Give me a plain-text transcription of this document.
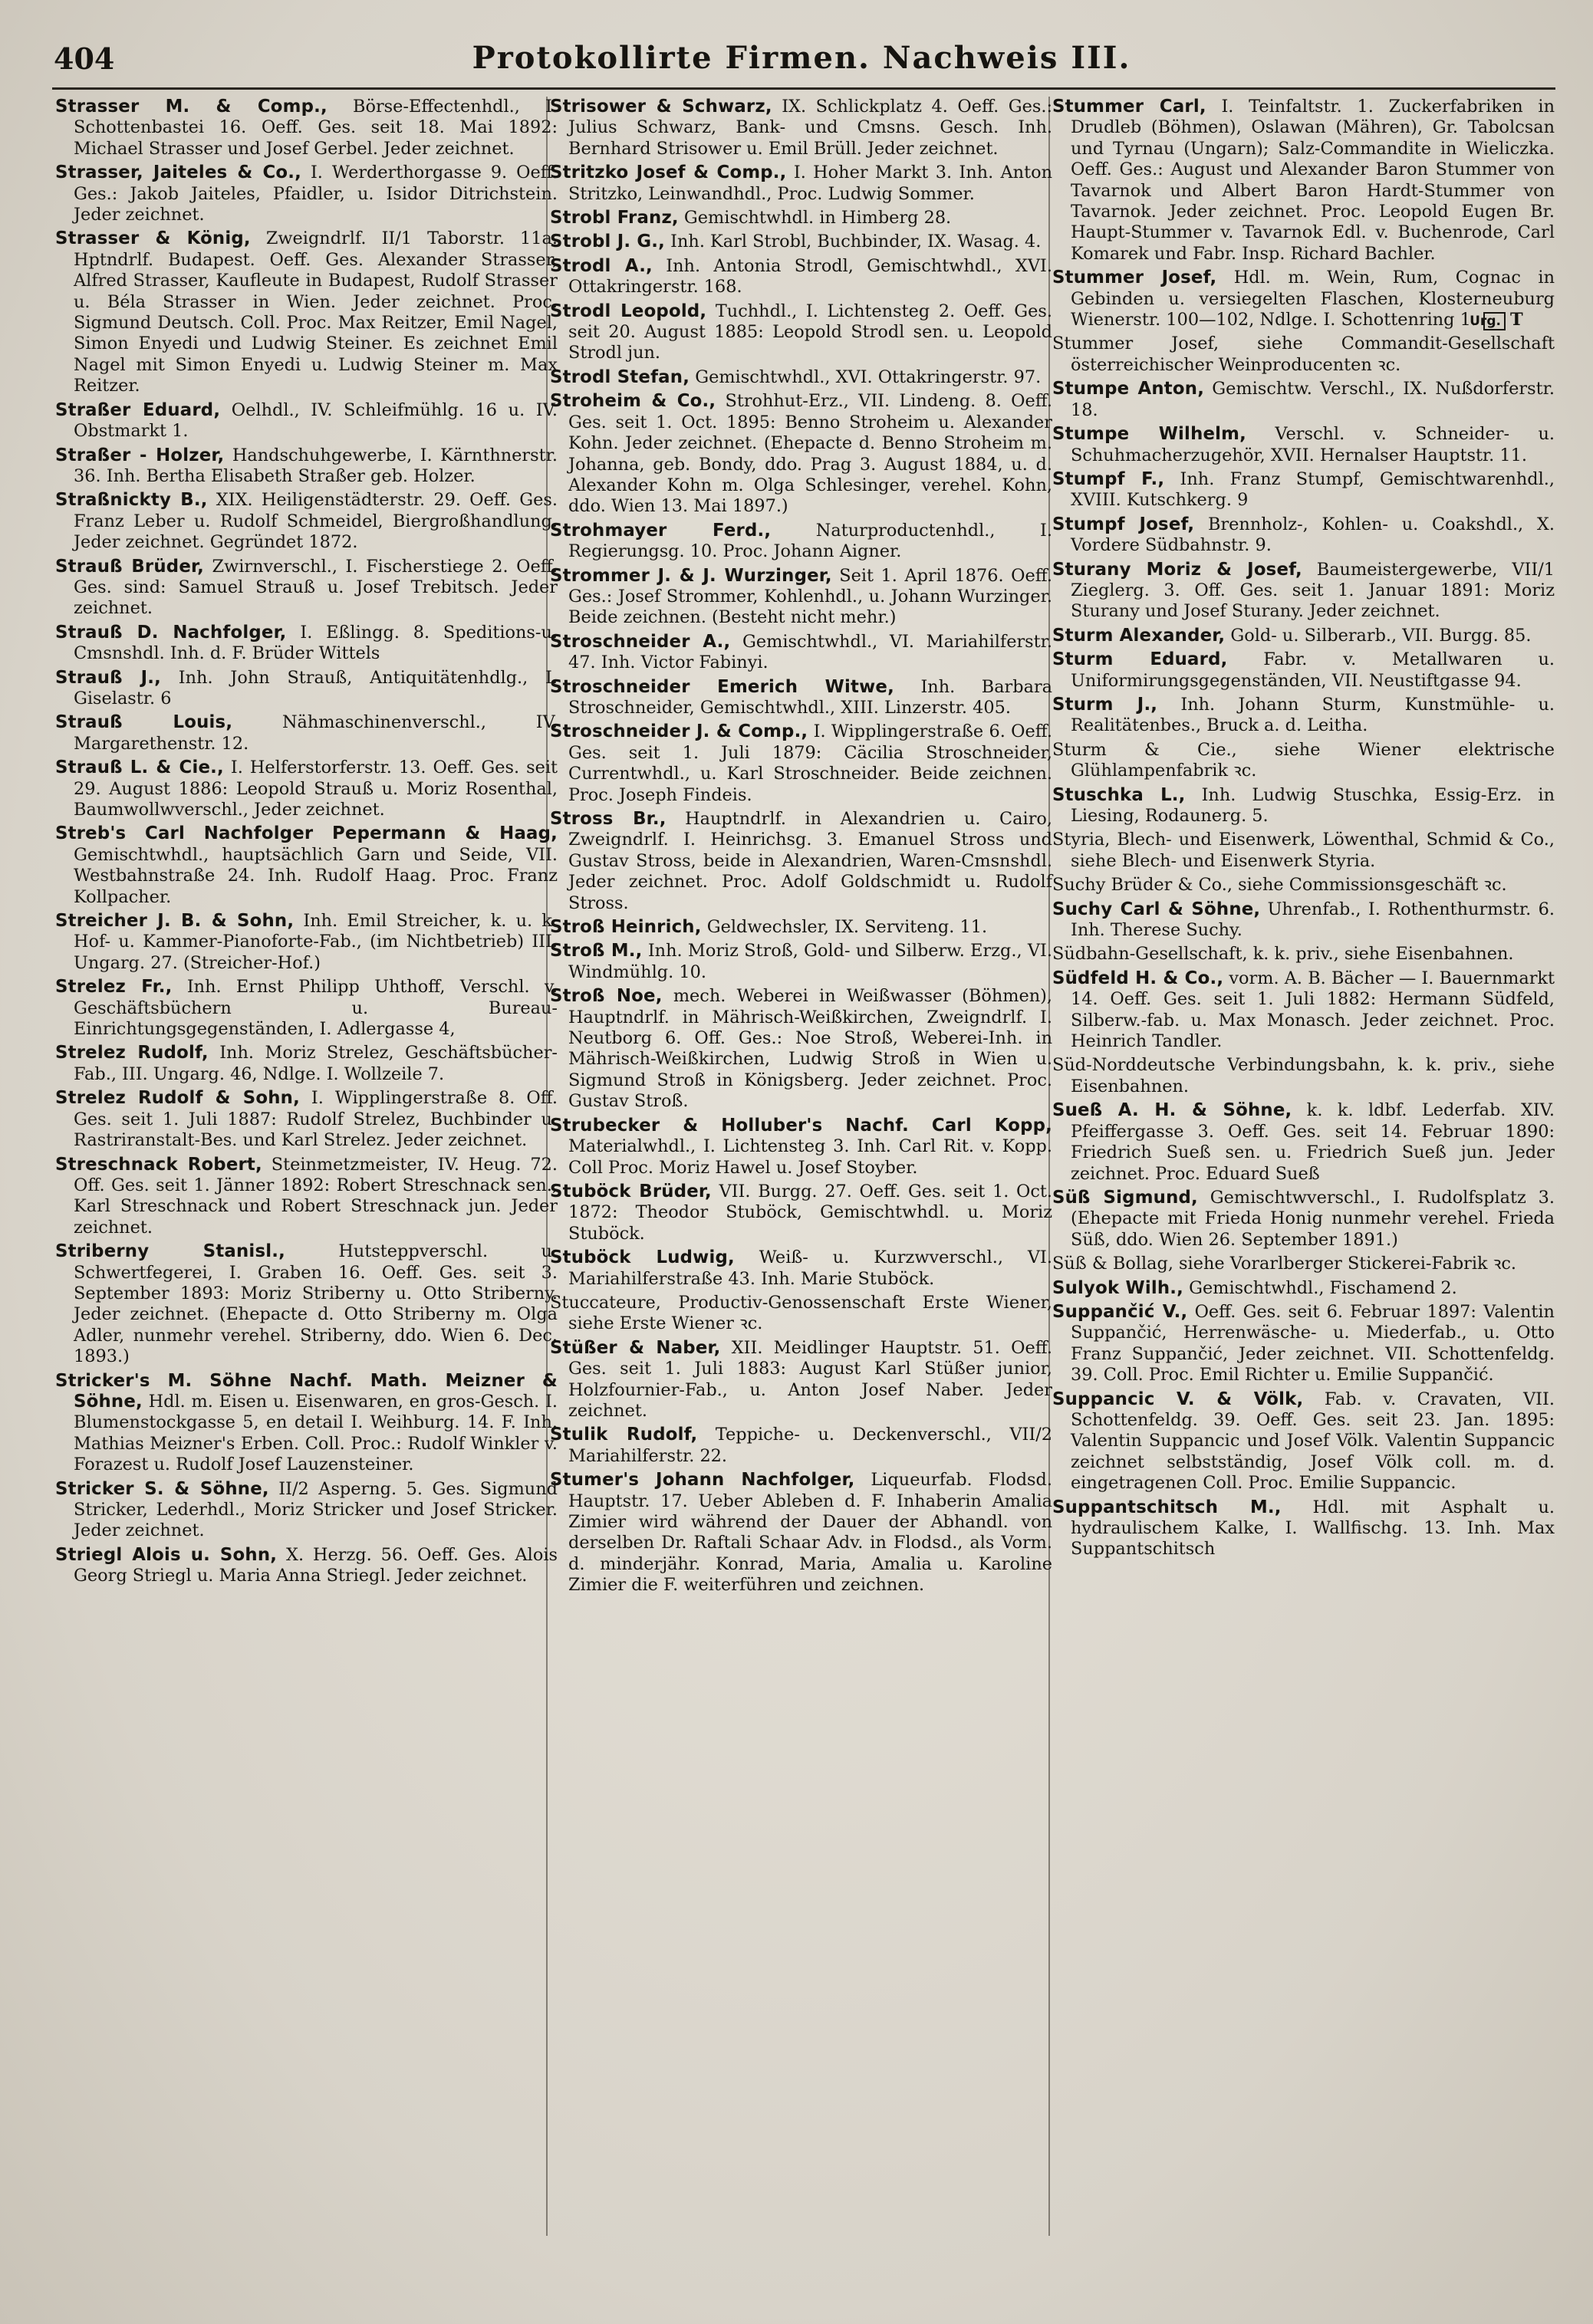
404	Protokollirte Firmen. Nachweis III.

Strasser M. & Comp., Börse-Effectenhdl., I. Schottenbastei 16. Oeff. Ges. seit 18. Mai 1892: Michael Strasser und Josef Gerbel. Jeder zeichnet.

Strasser, Jaiteles & Co., I. Werderthorgasse 9. Oeff. Ges.: Jakob Jaiteles, Pfaidler, u. Isidor Ditrichstein. Jeder zeichnet.

Strasser & König, Zweigndrlf. II/1 Taborstr. 11a. Hptndrlf. Budapest. Oeff. Ges. Alexander Strasser, Alfred Strasser, Kaufleute in Budapest, Rudolf Strasser u. Béla Strasser in Wien. Jeder zeichnet. Proc. Sigmund Deutsch. Coll. Proc. Max Reitzer, Emil Nagel, Simon Enyedi und Ludwig Steiner. Es zeichnet Emil Nagel mit Simon Enyedi u. Ludwig Steiner m. Max Reitzer.

Straßer Eduard, Oelhdl., IV. Schleifmühlg. 16 u. IV. Obstmarkt 1.

Straßer - Holzer, Handschuhgewerbe, I. Kärnthnerstr. 36. Inh. Bertha Elisabeth Straßer geb. Holzer.

Straßnickty B., XIX. Heiligenstädterstr. 29. Oeff. Ges. Franz Leber u. Rudolf Schmeidel, Biergroßhandlung. Jeder zeichnet. Gegründet 1872.

Strauß Brüder, Zwirnverschl., I. Fischerstiege 2. Oeff. Ges. sind: Samuel Strauß u. Josef Trebitsch. Jeder zeichnet.

Strauß D. Nachfolger, I. Eßlingg. 8. Speditions-u. Cmsnshdl. Inh. d. F. Brüder Wittels

Strauß J., Inh. John Strauß, Antiquitätenhdlg., I. Giselastr. 6

Strauß Louis,	Nähmaschinenverschl., IV. Margarethenstr. 12.

Strauß L. & Cie., I. Helferstorferstr. 13. Oeff. Ges. seit 29. August 1886: Leopold Strauß u. Moriz Rosenthal, Baumwollwverschl., Jeder zeichnet.

Streb's Carl Nachfolger Pepermann & Haag, Gemischtwhdl., hauptsächlich Garn und Seide, VII. Westbahnstraße 24. Inh. Rudolf Haag. Proc. Franz Kollpacher.

Streicher J. B. & Sohn, Inh. Emil Streicher, k. u. k. Hof- u. Kammer-Pianoforte-Fab., (im Nichtbetrieb) III. Ungarg. 27. (Streicher-Hof.)

Strelez Fr., Inh. Ernst Philipp Uhthoff, Verschl. v. Geschäftsbüchern u. Bureau-Einrichtungsgegenständen, I. Adlergasse 4,

Strelez Rudolf, Inh. Moriz Strelez, Geschäftsbücher-Fab., III. Ungarg. 46, Ndlge. I. Wollzeile 7.

Strelez Rudolf & Sohn, I. Wipplingerstraße 8. Off. Ges. seit 1. Juli 1887: Rudolf Strelez, Buchbinder u. Rastriranstalt-Bes. und Karl Strelez. Jeder zeichnet.

Streschnack Robert, Steinmetzmeister, IV. Heug. 72. Off. Ges. seit 1. Jänner 1892: Robert Streschnack sen., Karl Streschnack und Robert Streschnack jun. Jeder zeichnet.

Striberny Stanisl.,	Hutsteppverschl. u. Schwertfegerei, I. Graben 16. Oeff. Ges. seit 3. September 1893: Moriz Striberny u. Otto Striberny. Jeder zeichnet. (Ehepacte d. Otto Striberny m. Olga Adler, nunmehr verehel. Striberny, ddo. Wien 6. Dec. 1893.)

Stricker's M. Söhne Nachf. Math. Meizner & Söhne, Hdl. m. Eisen u. Eisenwaren, en gros-Gesch. I. Blumenstockgasse 5, en detail I. Weihburg. 14. F. Inh. Mathias Meizner's Erben. Coll. Proc.: Rudolf Winkler v. Forazest u. Rudolf Josef Lauzensteiner.

Stricker S. & Söhne, II/2 Asperng. 5. Ges. Sigmund Stricker, Lederhdl., Moriz Stricker und Josef Stricker. Jeder zeichnet.

Striegl Alois u. Sohn, X. Herzg. 56. Oeff. Ges. Alois Georg Striegl u. Maria Anna Striegl. Jeder zeichnet.

Strisower & Schwarz, IX. Schlickplatz 4. Oeff. Ges.: Julius Schwarz, Bank- und Cmsns. Gesch. Inh. Bernhard Strisower u. Emil Brüll. Jeder zeichnet.

Stritzko Josef & Comp., I. Hoher Markt 3. Inh. Anton Stritzko, Leinwandhdl., Proc. Ludwig Sommer.

Strobl Franz, Gemischtwhdl. in Himberg 28.

Strobl J. G., Inh. Karl Strobl, Buchbinder, IX. Wasag. 4.

Strodl A., Inh. Antonia Strodl, Gemischtwhdl., XVI. Ottakringerstr. 168.

Strodl Leopold, Tuchhdl., I. Lichtensteg 2. Oeff. Ges. seit 20. August 1885: Leopold Strodl sen. u. Leopold Strodl jun.

Strodl Stefan, Gemischtwhdl., XVI. Ottakringerstr. 97.

Stroheim & Co., Strohhut-Erz., VII. Lindeng. 8. Oeff. Ges. seit 1. Oct. 1895: Benno Stroheim u. Alexander Kohn. Jeder zeichnet. (Ehepacte d. Benno Stroheim m. Johanna, geb. Bondy, ddo. Prag 3. August 1884, u. d. Alexander Kohn m. Olga Schlesinger, verehel. Kohn, ddo. Wien 13. Mai 1897.)

Strohmayer Ferd.,	Naturproductenhdl., I. Regierungsg. 10. Proc. Johann Aigner.

Strommer J. & J. Wurzinger, Seit 1. April 1876. Oeff. Ges.: Josef Strommer, Kohlenhdl., u. Johann Wurzinger. Beide zeichnen. (Besteht nicht mehr.)

Stroschneider A., Gemischtwhdl., VI. Mariahilferstr. 47. Inh. Victor Fabinyi.

Stroschneider Emerich Witwe, Inh. Barbara Stroschneider, Gemischtwhdl., XIII. Linzerstr. 405.

Stroschneider J. & Comp., I. Wipplingerstraße 6. Oeff. Ges. seit 1. Juli 1879: Cäcilia Stroschneider, Currentwhdl., u. Karl Stroschneider. Beide zeichnen. Proc. Joseph Findeis.

Stross Br., Hauptndrlf. in Alexandrien u. Cairo, Zweigndrlf. I. Heinrichsg. 3. Emanuel Stross und Gustav Stross, beide in Alexandrien, Waren-Cmsnshdl. Jeder zeichnet. Proc. Adolf Goldschmidt u. Rudolf Stross.

Stroß Heinrich, Geldwechsler, IX. Serviteng. 11.

Stroß M., Inh. Moriz Stroß, Gold- und Silberw. Erzg., VI. Windmühlg. 10.

Stroß Noe, mech. Weberei in Weißwasser (Böhmen), Hauptndrlf. in Mährisch-Weißkirchen, Zweigndrlf. I. Neutborg 6. Off. Ges.: Noe Stroß, Weberei-Inh. in Mährisch-Weißkirchen, Ludwig Stroß in Wien u. Sigmund Stroß in Königsberg. Jeder zeichnet. Proc. Gustav Stroß.

Strubecker & Holluber's Nachf. Carl Kopp, Materialwhdl., I. Lichtensteg 3. Inh. Carl Rit. v. Kopp. Coll Proc. Moriz Hawel u. Josef Stoyber.

Stuböck Brüder, VII. Burgg. 27. Oeff. Ges. seit 1. Oct. 1872: Theodor Stuböck, Gemischtwhdl. u. Moriz Stuböck.

Stuböck Ludwig, Weiß- u. Kurzwverschl., VI. Mariahilferstraße 43. Inh. Marie Stuböck.

Stuccateure, Productiv-Genossenschaft Erste Wiener, siehe Erste Wiener ꝛc.

Stüßer & Naber, XII. Meidlinger Hauptstr. 51. Oeff. Ges. seit 1. Juli 1883: August Karl Stüßer junior, Holzfournier-Fab., u. Anton Josef Naber. Jeder zeichnet.

Stulik Rudolf, Teppiche- u. Deckenverschl., VII/2 Mariahilferstr. 22.

Stumer's Johann Nachfolger, Liqueurfab. Flodsd. Hauptstr. 17. Ueber Ableben d. F. Inhaberin Amalia Zimier wird während der Dauer der Abhandl. von derselben Dr. Raftali Schaar Adv. in Flodsd., als Vorm. d. minderjähr. Konrad, Maria, Amalia u. Karoline Zimier die F. weiterführen und zeichnen.

Stummer Carl, I. Teinfaltstr. 1. Zuckerfabriken in Drudleb (Böhmen), Oslawan (Mähren), Gr. Tabolcsan und Tyrnau (Ungarn); Salz-Commandite in Wieliczka. Oeff. Ges.: August und Alexander Baron Stummer von Tavarnok und Albert Baron Hardt-Stummer von Tavarnok. Jeder zeichnet. Proc. Leopold Eugen Br. Haupt-Stummer v. Tavarnok Edl. v. Buchenrode, Carl Komarek und Fabr. Insp. Richard Bachler.

Stummer Josef, Hdl. m. Wein, Rum, Cognac in Gebinden u. versiegelten Flaschen, Klosterneuburg Wienerstr. 100—102, Ndlge. I. Schottenring 1. Urg. T

Stummer Josef, siehe Commandit-Gesellschaft österreichischer Weinproducenten ꝛc.

Stumpe Anton, Gemischtw. Verschl., IX. Nußdorferstr. 18.

Stumpe Wilhelm, Verschl. v. Schneider- u. Schuhmacherzugehör, XVII. Hernalser Hauptstr. 11.

Stumpf F., Inh. Franz Stumpf, Gemischtwarenhdl., XVIII. Kutschkerg. 9

Stumpf Josef, Brennholz-, Kohlen- u. Coakshdl., X. Vordere Südbahnstr. 9.

Sturany Moriz & Josef, Baumeistergewerbe, VII/1 Zieglerg. 3. Off. Ges. seit 1. Januar 1891: Moriz Sturany und Josef Sturany. Jeder zeichnet.

Sturm Alexander, Gold- u. Silberarb., VII. Burgg. 85.

Sturm Eduard, Fabr. v. Metallwaren u. Uniformirungsgegenständen, VII. Neustiftgasse 94.

Sturm J., Inh. Johann Sturm, Kunstmühle- u. Realitätenbes., Bruck a. d. Leitha.

Sturm & Cie., siehe Wiener elektrische Glühlampenfabrik ꝛc.

Stuschka L., Inh. Ludwig Stuschka, Essig-Erz. in Liesing, Rodaunerg. 5.

Styria, Blech- und Eisenwerk, Löwenthal, Schmid & Co., siehe Blech- und Eisenwerk Styria.

Suchy Brüder & Co., siehe Commissionsgeschäft ꝛc.

Suchy Carl & Söhne, Uhrenfab., I. Rothenthurmstr. 6. Inh. Therese Suchy.

Südbahn-Gesellschaft, k. k. priv., siehe Eisenbahnen.

Südfeld H. & Co., vorm. A. B. Bächer — I. Bauernmarkt 14. Oeff. Ges. seit 1. Juli 1882: Hermann Südfeld, Silberw.-fab. u. Max Monasch. Jeder zeichnet. Proc. Heinrich Tandler.

Süd-Norddeutsche Verbindungsbahn, k. k. priv., siehe Eisenbahnen.

Sueß A. H. & Söhne, k. k. ldbf. Lederfab. XIV. Pfeiffergasse 3. Oeff. Ges. seit 14. Februar 1890: Friedrich Sueß sen. u. Friedrich Sueß jun. Jeder zeichnet. Proc. Eduard Sueß

Süß Sigmund, Gemischtwverschl., I. Rudolfsplatz 3. (Ehepacte mit Frieda Honig nunmehr verehel. Frieda Süß, ddo. Wien 26. September 1891.)

Süß & Bollag, siehe Vorarlberger Stickerei-Fabrik ꝛc.

Sulyok Wilh., Gemischtwhdl., Fischamend 2.

Suppančić V., Oeff. Ges. seit 6. Februar 1897: Valentin Suppančić, Herrenwäsche- u. Miederfab., u. Otto Franz Suppančić, Jeder zeichnet. VII. Schottenfeldg. 39. Coll. Proc. Emil Richter u. Emilie Suppančić.

Suppancic V. & Völk, Fab. v. Cravaten, VII. Schottenfeldg. 39. Oeff. Ges. seit 23. Jan. 1895: Valentin Suppancic und Josef Völk. Valentin Suppancic zeichnet selbstständig, Josef Völk coll. m. d. eingetragenen Coll. Proc. Emilie Suppancic.

Suppantschitsch M., Hdl. mit Asphalt u. hydraulischem Kalke, I. Wallfischg. 13. Inh. Max Suppantschitsch
